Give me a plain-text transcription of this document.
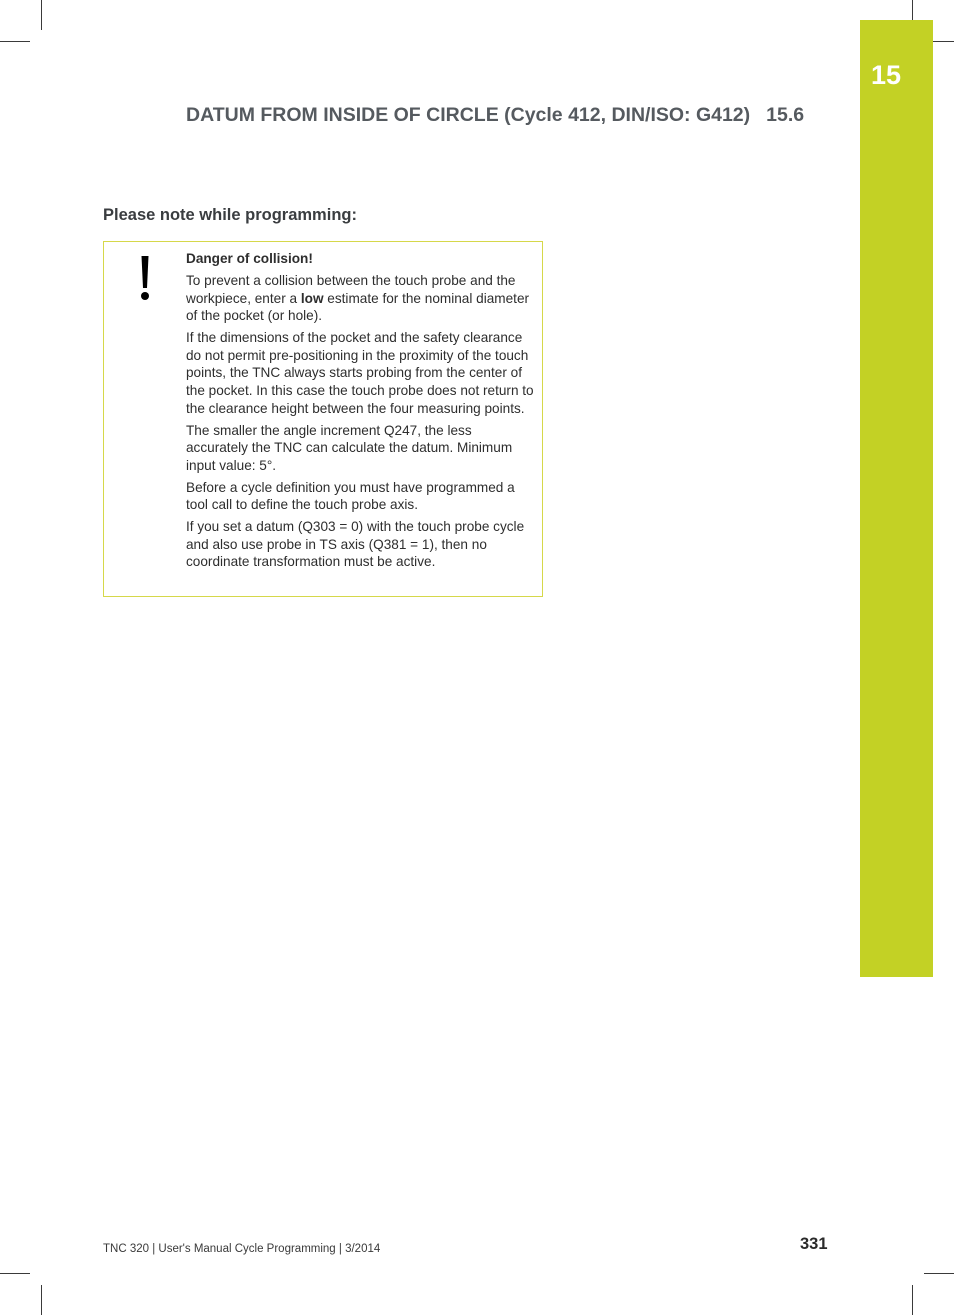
15
DATUM FROM INSIDE OF CIRCLE (Cycle 412, DIN/ISO: G412) 15.6
Please note while programming:

Danger of collision!

To prevent a collision between the touch probe and the workpiece, enter a low estimate for the nominal diameter of the pocket (or hole).

If the dimensions of the pocket and the safety clearance do not permit pre-positioning in the proximity of the touch points, the TNC always starts probing from the center of the pocket. In this case the touch probe does not return to the clearance height between the four measuring points.

The smaller the angle increment Q247, the less accurately the TNC can calculate the datum. Minimum input value: 5°.

Before a cycle definition you must have programmed a tool call to define the touch probe axis.

If you set a datum (Q303 = 0) with the touch probe cycle and also use probe in TS axis (Q381 = 1), then no coordinate transformation must be active.

TNC 320 | User's Manual Cycle Programming | 3/2014	331
